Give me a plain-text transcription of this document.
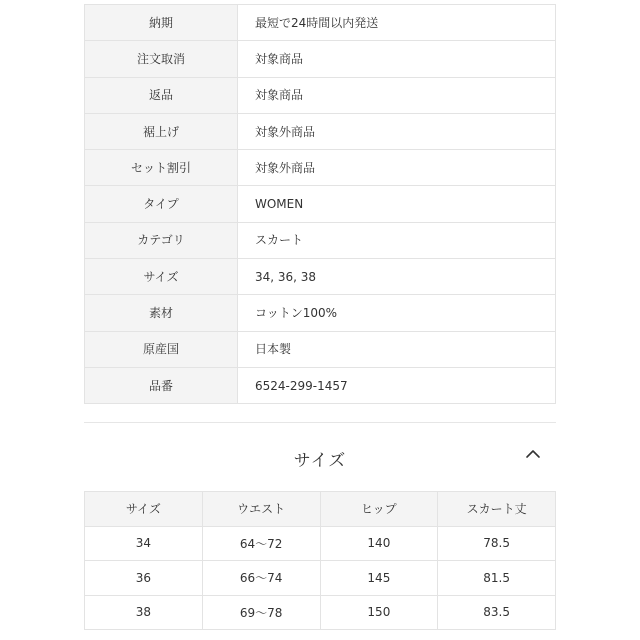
納期	最短で24時間以内発送
注文取消	対象商品
返品	対象商品
裾上げ	対象外商品
セット割引	対象外商品
タイプ	WOMEN
カテゴリ	スカート
サイズ	34, 36, 38
素材	コットン100%
原産国	日本製
品番	6524-299-1457
サイズ
サイズ	ウエスト	ヒップ	スカート丈
34	64〜72	140	78.5
36	66〜74	145	81.5
38	69〜78	150	83.5
